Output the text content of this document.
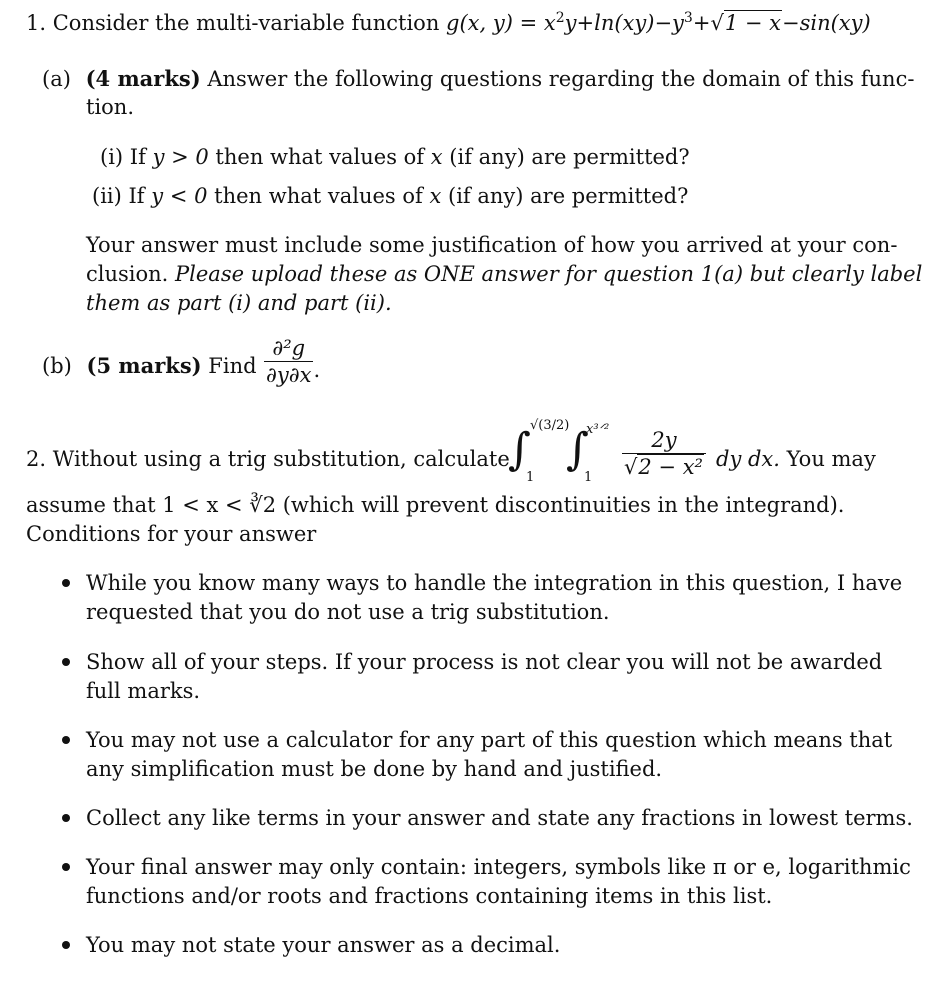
1. Consider the multi-variable function g(x, $y) = x^2y+\ln(xy)-y^3+√1 - x-\sin(xy)$
(a) (4 marks) Answer the following questions regarding the domain of this func-
tion.
(i) If y > 0 then what values of x (if any) are permitted?
(ii) If y < 0 then what values of x (if any) are permitted?
Your answer must include some justification of how you arrived at your con-
clusion. Please upload these as ONE answer for question 1(a) but clearly label
them as part (i) and part (ii).
(b) (5 marks) Find $\frac{\text{∂²g}}{\partial y\partial x}$ .
2. Without using a trig substitution, calculate
∫ √(3/2)
1
∫
x³ᐟ²
$1 \frac{2y}{\text{√2 − x²}}$ dy dx. You may
assume that 1 < x < ∛2 (which will prevent discontinuities in the integrand).
Conditions for your answer
While you know many ways to handle the integration in this question, I have
requested that you do not use a trig substitution.
Show all of your steps. If your process is not clear you will not be awarded
full marks.
You may not use a calculator for any part of this question which means that
any simplification must be done by hand and justified.
Collect any like terms in your answer and state any fractions in lowest terms.
Your final answer may only contain: integers, symbols like π or e, logarithmic
functions and/or roots and fractions containing items in this list.
You may not state your answer as a decimal.
